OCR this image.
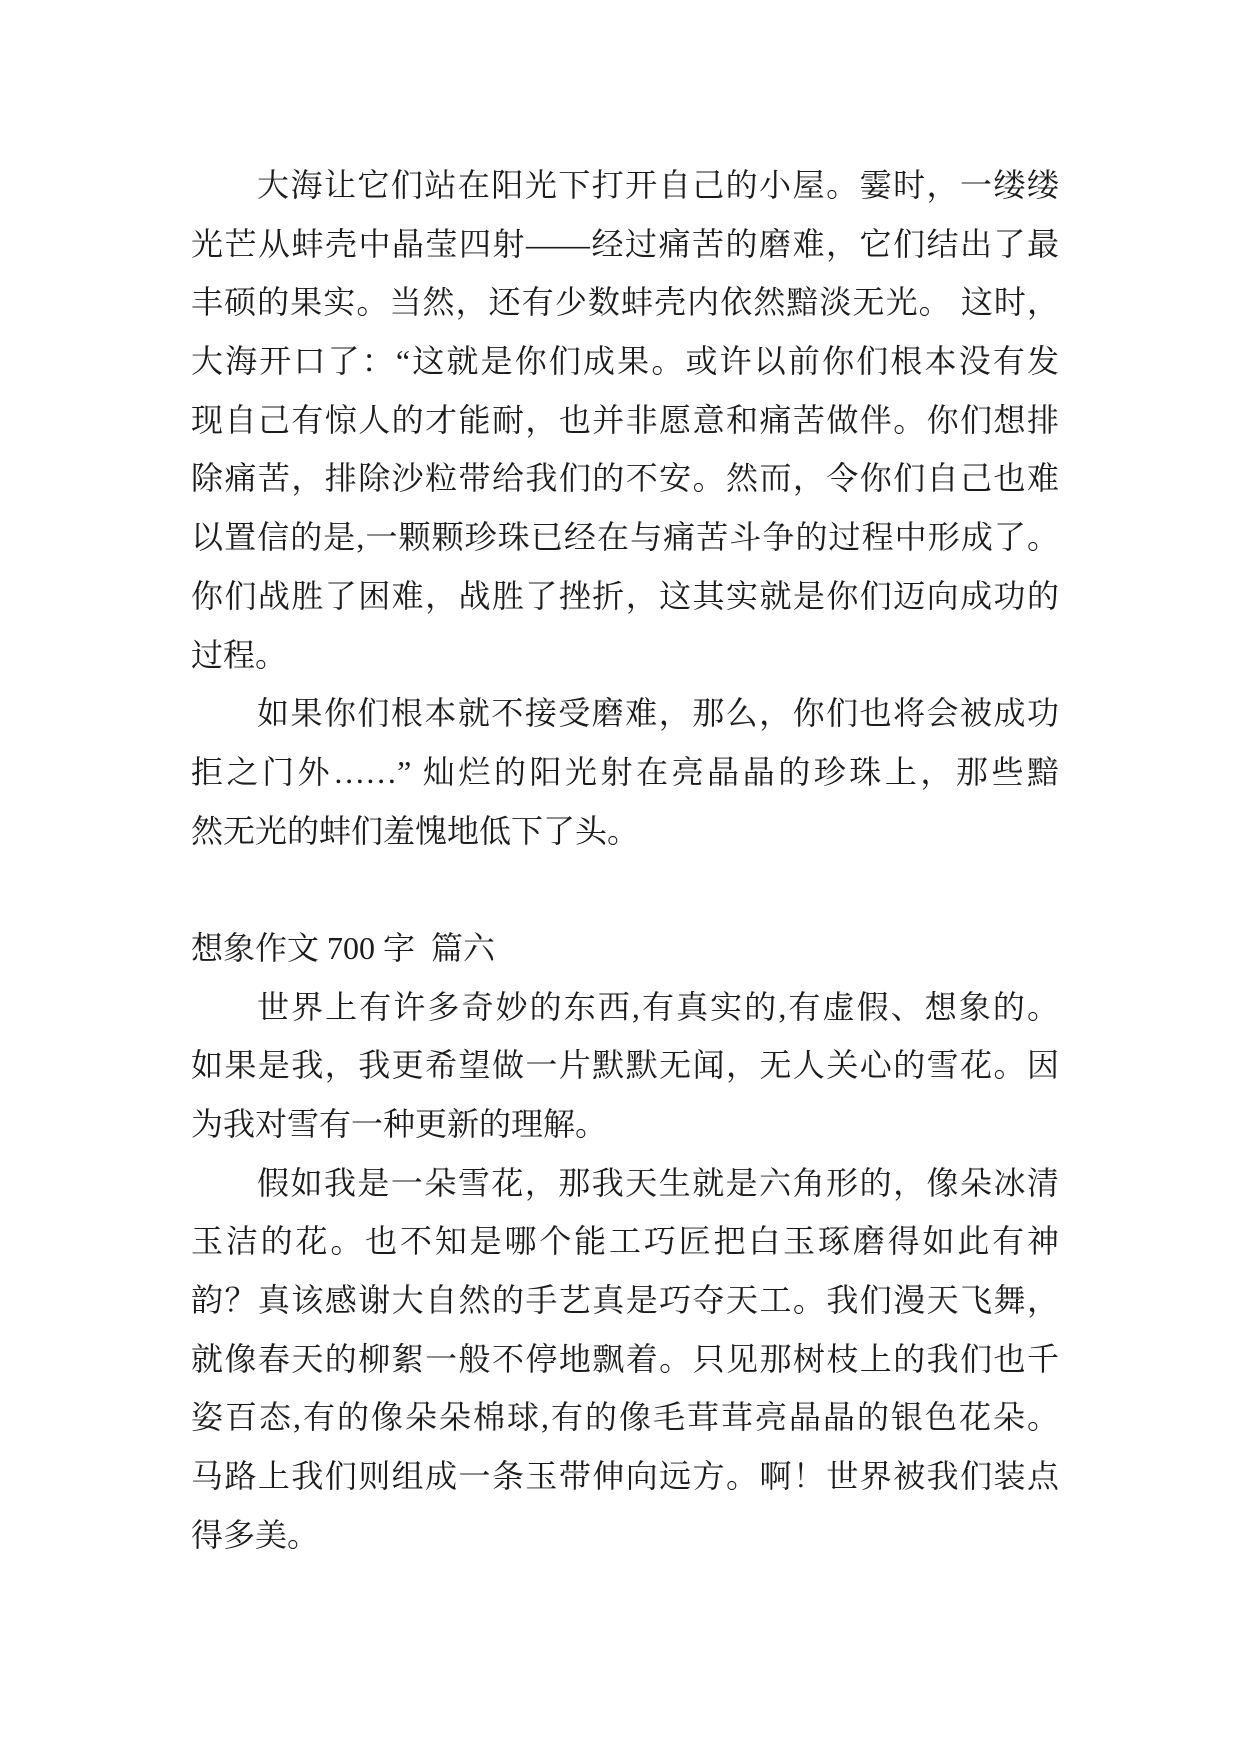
大海让它们站在阳光下打开自己的小屋。霎时，一缕缕
光芒从蚌壳中晶莹四射——经过痛苦的磨难，它们结出了最
丰硕的果实。当然，还有少数蚌壳内依然黯淡无光。 这时，
大海开口了：“这就是你们成果。或许以前你们根本没有发
现自己有惊人的才能耐，也并非愿意和痛苦做伴。你们想排
除痛苦，排除沙粒带给我们的不安。然而，令你们自己也难
以置信的是,一颗颗珍珠已经在与痛苦斗争的过程中形成了。
你们战胜了困难，战胜了挫折，这其实就是你们迈向成功的
过程。
如果你们根本就不接受磨难，那么，你们也将会被成功
拒之门外……” 灿烂的阳光射在亮晶晶的珍珠上，那些黯
然无光的蚌们羞愧地低下了头。
想象作文 700 字  篇六
世界上有许多奇妙的东西,有真实的,有虚假、想象的。
如果是我，我更希望做一片默默无闻，无人关心的雪花。因
为我对雪有一种更新的理解。
假如我是一朵雪花，那我天生就是六角形的，像朵冰清
玉洁的花。也不知是哪个能工巧匠把白玉琢磨得如此有神
韵？真该感谢大自然的手艺真是巧夺天工。我们漫天飞舞，
就像春天的柳絮一般不停地飘着。只见那树枝上的我们也千
姿百态,有的像朵朵棉球,有的像毛茸茸亮晶晶的银色花朵。
马路上我们则组成一条玉带伸向远方。啊！世界被我们装点
得多美。
